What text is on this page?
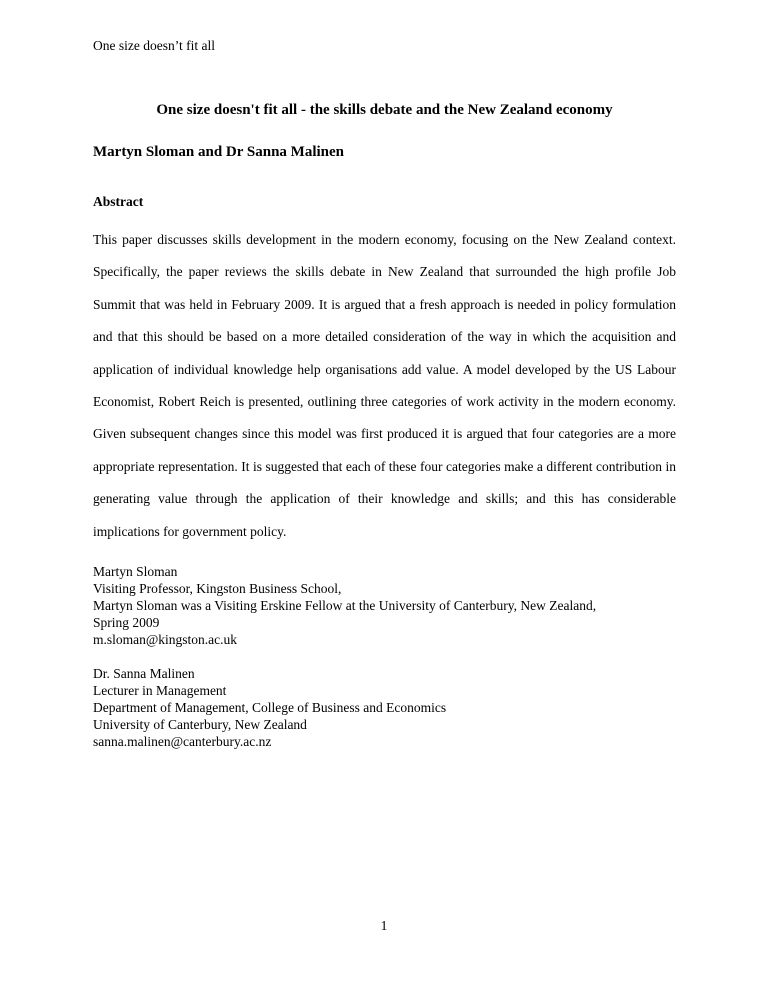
One size doesn’t fit all
One size doesn't fit all - the skills debate and the New Zealand economy
Martyn Sloman and Dr Sanna Malinen
Abstract

This paper discusses skills development in the modern economy, focusing on the New Zealand context. Specifically, the paper reviews the skills debate in New Zealand that surrounded the high profile Job Summit that was held in February 2009. It is argued that a fresh approach is needed in policy formulation and that this should be based on a more detailed consideration of the way in which the acquisition and application of individual knowledge help organisations add value. A model developed by the US Labour Economist, Robert Reich is presented, outlining three categories of work activity in the modern economy. Given subsequent changes since this model was first produced it is argued that four categories are a more appropriate representation. It is suggested that each of these four categories make a different contribution in generating value through the application of their knowledge and skills; and this has considerable implications for government policy.

Martyn Sloman
Visiting Professor, Kingston Business School,
Martyn Sloman was a Visiting Erskine Fellow at the University of Canterbury, New Zealand,
Spring 2009
m.sloman@kingston.ac.uk
Dr. Sanna Malinen
Lecturer in Management
Department of Management, College of Business and Economics
University of Canterbury, New Zealand
sanna.malinen@canterbury.ac.nz
1
